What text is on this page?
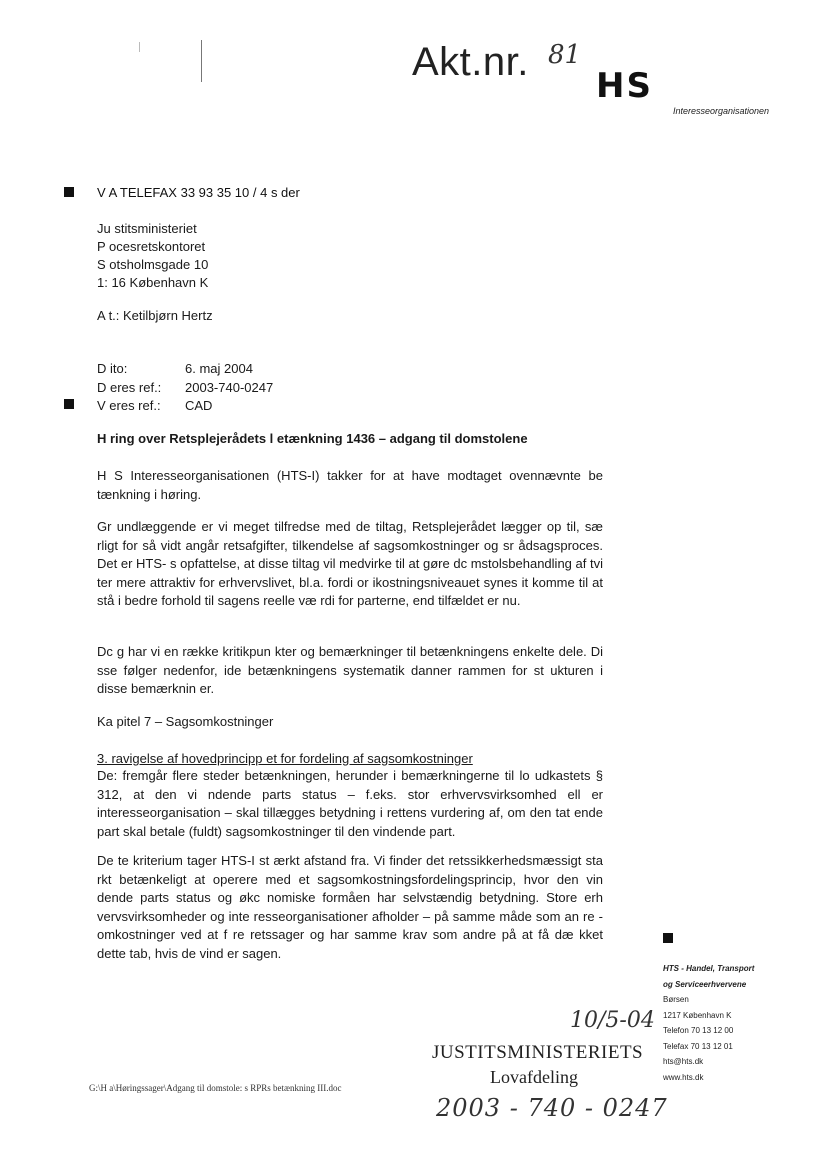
Akt.nr. 81
HS
Interesseorganisationen
V A TELEFAX 33 93 35 10 / 4 s der
Ju stitsministeriet
P ocesretskontoret
S otsholmsgade 10
1: 16 København K
A t.: Ketilbjørn Hertz
D ito:	6. maj 2004
D eres ref.:	2003-740-0247
V eres ref.:	CAD
H ring over Retsplejerådets l etænkning 1436 – adgang til domstolene

H S Interesseorganisationen (HTS-I) takker for at have modtaget ovennævnte be tænkning i høring.

Gr undlæggende er vi meget tilfredse med de tiltag, Retsplejerådet lægger op til, sæ rligt for så vidt angår retsafgifter, tilkendelse af sagsomkostninger og sr ådsagsproces. Det er HTS- s opfattelse, at disse tiltag vil medvirke til at gøre dc mstolsbehandling af tvi ter mere attraktiv for erhvervslivet, bl.a. fordi or ikostningsniveauet synes it komme til at stå i bedre forhold til sagens reelle væ rdi for parterne, end tilfældet er nu.

Dc g har vi en række kritikpun kter og bemærkninger til betænkningens enkelte dele. Di sse følger nedenfor, ide betænkningens systematik danner rammen for st ukturen i disse bemærknin er.

Ka pitel 7 – Sagsomkostninger
3. ravigelse af hovedprincipp et for fordeling af sagsomkostninger

De: fremgår flere steder betænkningen, herunder i bemærkningerne til lo udkastets § 312, at den vi ndende parts status – f.eks. stor erhvervsvirksomhed ell er interesseorganisation – skal tillægges betydning i rettens vurdering af, om den tat ende part skal betale (fuldt) sagsomkostninger til den vindende part.

De te kriterium tager HTS-I st ærkt afstand fra. Vi finder det retssikkerhedsmæssigt sta rkt betænkeligt at operere med et sagsomkostningsfordelingsprincip, hvor den vin dende parts status og økc nomiske formåen har selvstændig betydning. Store erh vervsvirksomheder og inte resseorganisationer afholder – på samme måde som an re - omkostninger ved at f re retssager og har samme krav som andre på at få dæ kket dette tab, hvis de vind er sagen.

HTS - Handel, Transport
og Serviceerhvervene
Børsen
1217 København K
Telefon 70 13 12 00
Telefax 70 13 12 01
hts@hts.dk
www.hts.dk
10/5-04
JUSTITSMINISTERIETS
Lovafdeling
2003 - 740 - 0247
G:\H a\Høringssager\Adgang til domstole: s RPRs betænkning III.doc
